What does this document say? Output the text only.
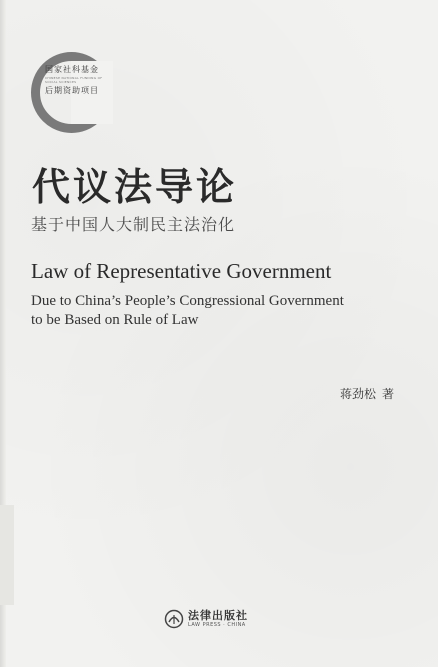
国家社科基金
CHINESE NATIONAL FUNDING OF SOCIAL SCIENCES
后期资助项目
代议法导论
基于中国人大制民主法治化
Law of Representative Government
Due to China’s People’s Congressional Government
to be Based on Rule of Law
蒋劲松 著
法律出版社
LAW PRESS · CHINA
